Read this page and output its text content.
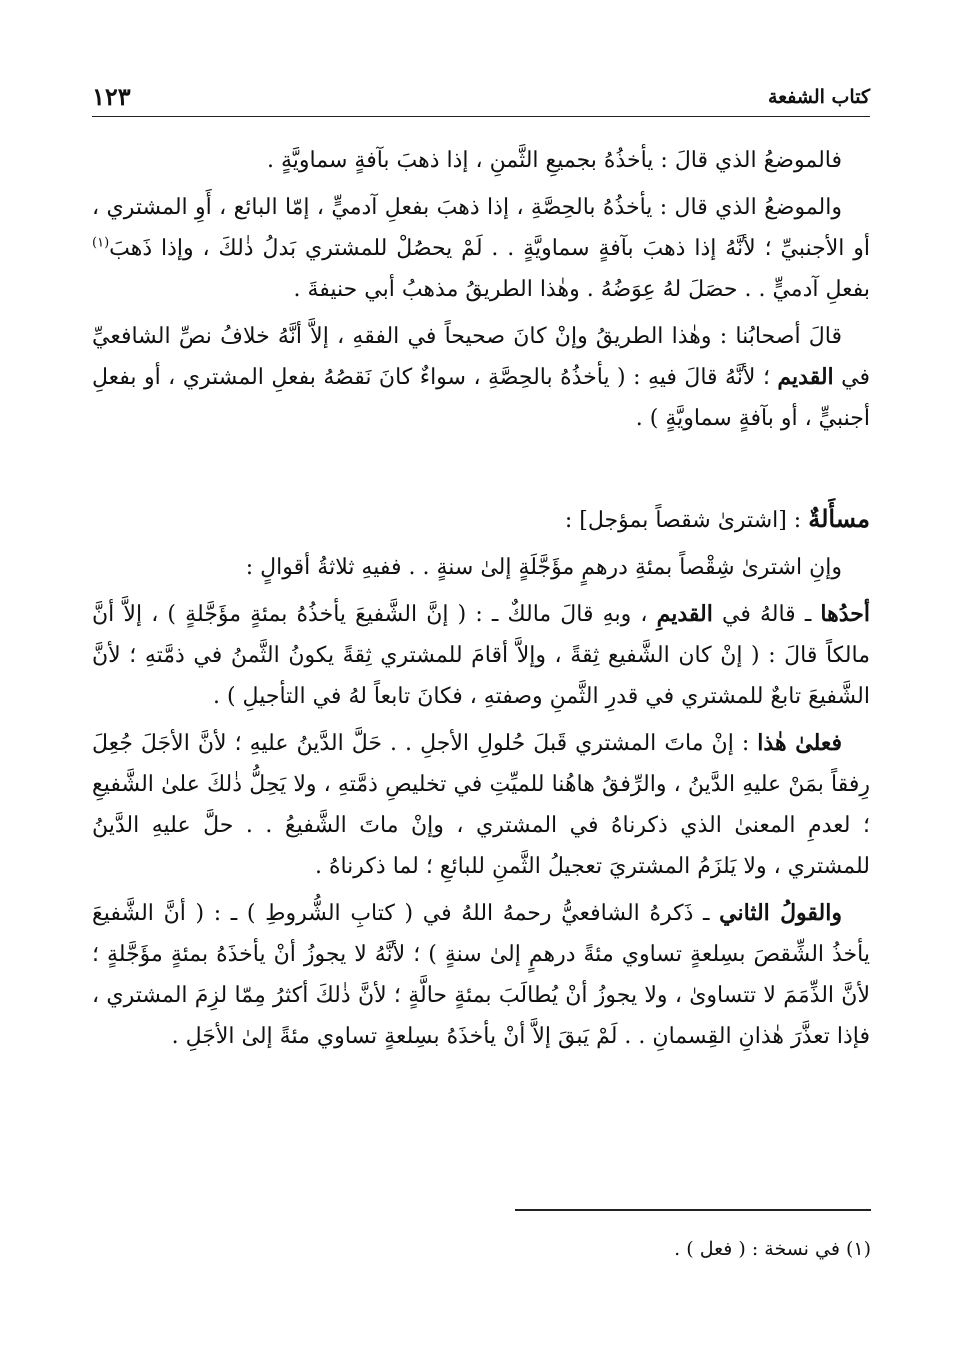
كتاب الشفعة
١٢٣

فالموضعُ الذي قالَ : يأخذُهُ بجميعِ الثَّمنِ ، إذا ذهبَ بآفةٍ سماويَّةٍ .

والموضعُ الذي قال : يأخذُهُ بالحِصَّةِ ، إذا ذهبَ بفعلِ آدميٍّ ، إمّا البائع ، أَوِ المشتري ، أو الأجنبيِّ ؛ لأنَّهُ إذا ذهبَ بآفةٍ سماويَّةٍ . . لَمْ يحصُلْ للمشتري بَدلُ ذٰلكَ ، وإذا ذَهبَ$^{(١)}$ بفعلِ آدميٍّ . . حصَلَ لهُ عِوَضُهُ . وهٰذا الطريقُ مذهبُ أبي حنيفةَ .

قالَ أصحابُنا : وهٰذا الطريقُ وإنْ كانَ صحيحاً في الفقهِ ، إلاَّ أنَّهُ خلافُ نصِّ الشافعيِّ في القديم ؛ لأنَّهُ قالَ فيهِ : ( يأخذُهُ بالحِصَّةِ ، سواءٌ كانَ نَقصُهُ بفعلِ المشتري ، أو بفعلِ أجنبيٍّ ، أو بآفةٍ سماويَّةٍ ) .

مسأَلةٌ : [اشترىٰ شقصاً بمؤجل] :

وإنِ اشترىٰ شِقْصاً بمئةِ درهمٍ مؤَجَّلَةٍ إلىٰ سنةٍ . . ففيهِ ثلاثةُ أقوالٍ :

أحدُها ـ قالهُ في القديمِ ، وبهِ قالَ مالكٌ ـ : ( إنَّ الشَّفيعَ يأخذُهُ بمئةٍ مؤَجَّلةٍ ) ، إلاَّ أنَّ مالكاً قالَ : ( إنْ كان الشَّفيع ثِقةً ، وإلاَّ أقامَ للمشتري ثِقةً يكونُ الثَّمنُ في ذمَّتهِ ؛ لأنَّ الشَّفيعَ تابعٌ للمشتري في قدرِ الثَّمنِ وصفتهِ ، فكانَ تابعاً لهُ في التأجيلِ ) .

فعلىٰ هٰذا : إنْ ماتَ المشتري قَبلَ حُلولِ الأجلِ . . حَلَّ الدَّينُ عليهِ ؛ لأنَّ الأجَلَ جُعِلَ رِفقاً بمَنْ عليهِ الدَّينُ ، والرِّفقُ هاهُنا للميِّتِ في تخليصِ ذمَّتهِ ، ولا يَحِلُّ ذٰلكَ علىٰ الشَّفيعِ ؛ لعدمِ المعنىٰ الذي ذكرناهُ في المشتري ، وإنْ ماتَ الشَّفيعُ . . حلَّ عليهِ الدَّينُ للمشتري ، ولا يَلزَمُ المشتريَ تعجيلُ الثَّمنِ للبائعِ ؛ لما ذكرناهُ .

والقولُ الثاني ـ ذَكرهُ الشافعيُّ رحمهُ اللهُ في ( كتابِ الشُّروطِ ) ـ : ( أنَّ الشَّفيعَ يأخذُ الشِّقصَ بسِلعةٍ تساوي مئةً درهمٍ إلىٰ سنةٍ ) ؛ لأنَّهُ لا يجوزُ أنْ يأخذَهُ بمئةٍ مؤَجَّلةٍ ؛ لأنَّ الذِّمَمَ لا تتساوىٰ ، ولا يجوزُ أنْ يُطالَبَ بمئةٍ حالَّةٍ ؛ لأنَّ ذٰلكَ أكثرُ مِمّا لزِمَ المشتري ، فإذا تعذَّرَ هٰذانِ القِسمانِ . . لَمْ يَبقَ إلاَّ أنْ يأخذَهُ بسِلعةٍ تساوي مئةً إلىٰ الأجَلِ .

(١) في نسخة : ( فعل ) .
